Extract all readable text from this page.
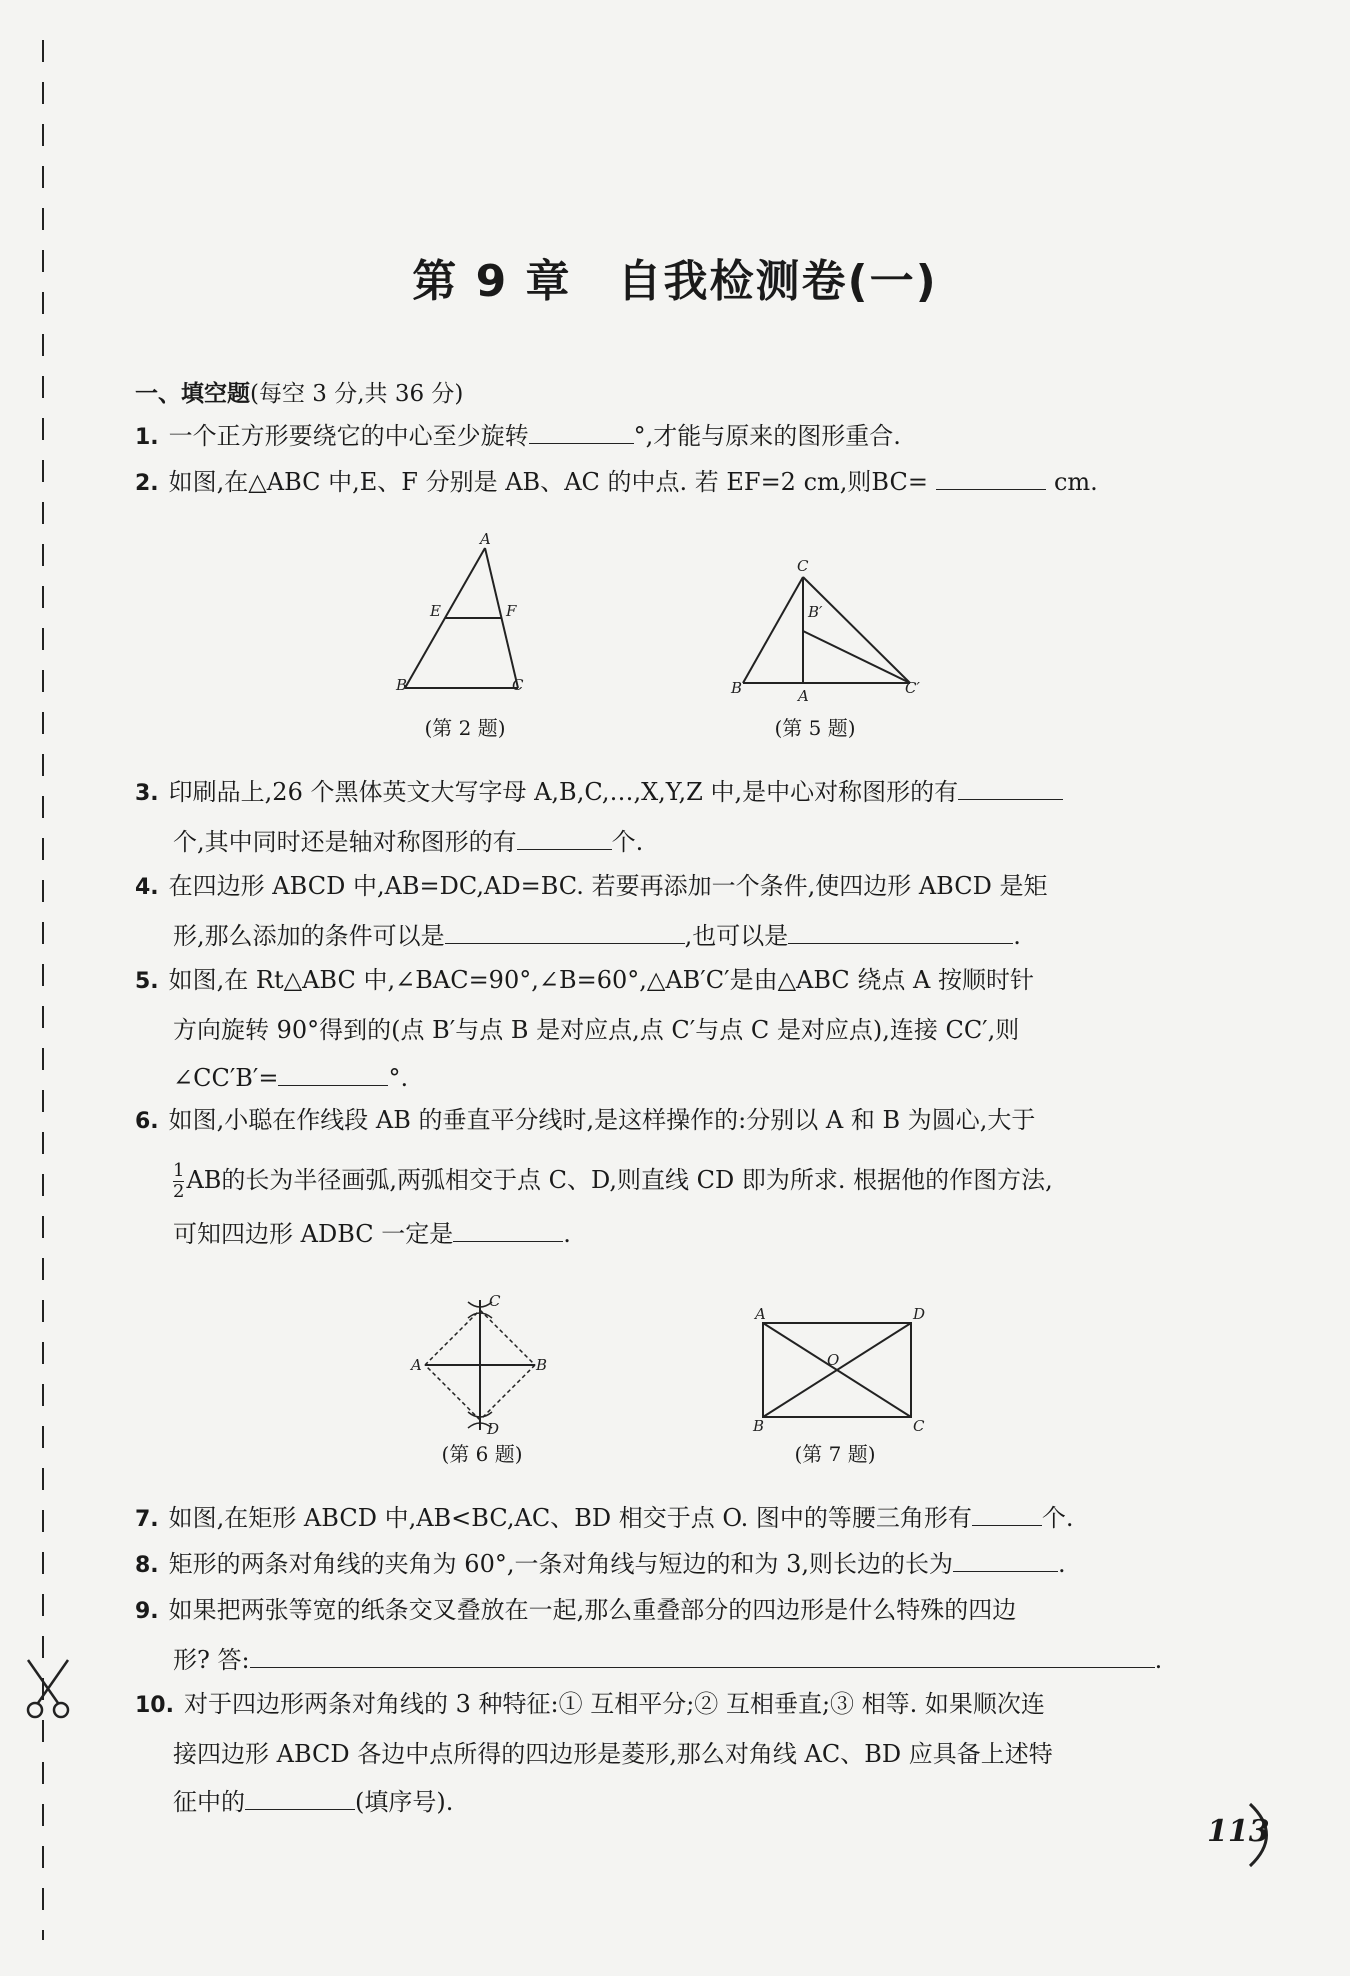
第 9 章　自我检测卷(一)
一、填空题(每空 3 分,共 36 分)
1. 一个正方形要绕它的中心至少旋转	°,才能与原来的图形重合.
2. 如图,在△ABC 中,E、F 分别是 AB、AC 的中点. 若 EF=2 cm,则BC=	cm.
A
E	F
B	C
(第 2 题)
C
B′
B	A	C′
(第 5 题)
3. 印刷品上,26 个黑体英文大写字母 A,B,C,…,X,Y,Z 中,是中心对称图形的有
个,其中同时还是轴对称图形的有	个.
4. 在四边形 ABCD 中,AB=DC,AD=BC. 若要再添加一个条件,使四边形 ABCD 是矩
形,那么添加的条件可以是	,也可以是	.
5. 如图,在 Rt△ABC 中,∠BAC=90°,∠B=60°,△AB′C′是由△ABC 绕点 A 按顺时针
方向旋转 90°得到的(点 B′与点 B 是对应点,点 C′与点 C 是对应点),连接 CC′,则
∠CC′B′=	°.
6. 如图,小聪在作线段 AB 的垂直平分线时,是这样操作的:分别以 A 和 B 为圆心,大于
$\frac{1}{2}$ AB的长为半径画弧,两弧相交于点 C、D,则直线 CD 即为所求. 根据他的作图方法,
可知四边形 ADBC 一定是	.
C
A	B
D
(第 6 题)
A	D
O
B	C
(第 7 题)
7. 如图,在矩形 ABCD 中,AB<BC,AC、BD 相交于点 O. 图中的等腰三角形有	个.
8. 矩形的两条对角线的夹角为 60°,一条对角线与短边的和为 3,则长边的长为	.
9. 如果把两张等宽的纸条交叉叠放在一起,那么重叠部分的四边形是什么特殊的四边
形? 答:	.
10. 对于四边形两条对角线的 3 种特征:① 互相平分;② 互相垂直;③ 相等. 如果顺次连
接四边形 ABCD 各边中点所得的四边形是菱形,那么对角线 AC、BD 应具备上述特
征中的	(填序号).
113
